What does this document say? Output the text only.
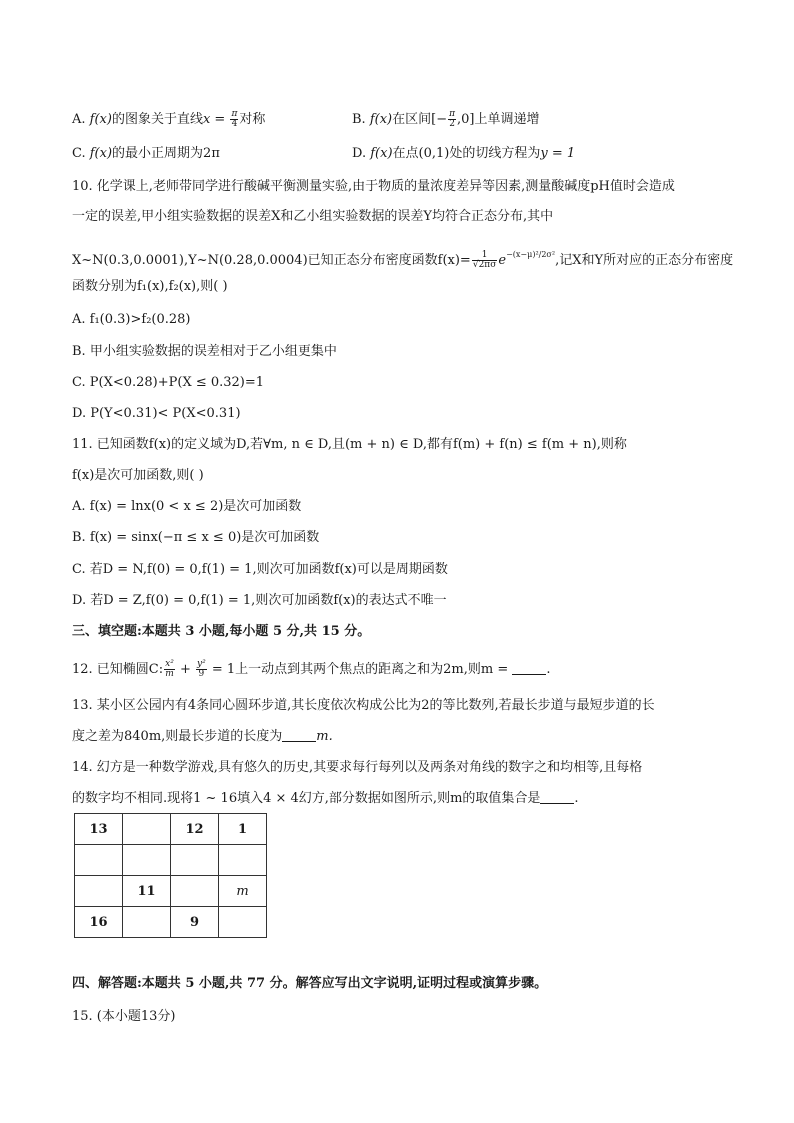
A. f(x)的图象关于直线$x = \frac{\pi}{4}$ 对称	B. f(x)在区间[− $\frac{\pi}{2} ,0$]上单调递增
C. f(x)的最小正周期为2π	D. f(x)在点(0,1)处的切线方程为y = 1
10. 化学课上,老师带同学进行酸碱平衡测量实验,由于物质的量浓度差异等因素,测量酸碱度pH值时会造成
一定的误差,甲小组实验数据的误差X和乙小组实验数据的误差Y均符合正态分布,其中
X~N(0.3,0.0001),Y~N(0.28,0.0004)已知正态分布密度函数$f(x)= \frac{1}{√2\pi\sigma} e^{-(x-\mu)^2/2\sigma^2}$,记X和Y所对应的正态分布密度
函数分别为f₁(x),f₂(x),则( )
A. f₁(0.3)>f₂(0.28)
B. 甲小组实验数据的误差相对于乙小组更集中
C. P(X<0.28)+P(X ≤ 0.32)=1
D. P(Y<0.31)< P(X<0.31)
11. 已知函数f(x)的定义域为D,若∀m, n ∈ D,且(m + n) ∈ D,都有f(m) + f(n) ≤ f(m + n),则称
f(x)是次可加函数,则( )
A. f(x) = lnx(0 < x ≤ 2)是次可加函数
B. f(x) = sinx(−π ≤ x ≤ 0)是次可加函数
C. 若D = N,f(0) = 0,f(1) = 1,则次可加函数f(x)可以是周期函数
D. 若D = Z,f(0) = 0,f(1) = 1,则次可加函数f(x)的表达式不唯一
三、填空题:本题共 3 小题,每小题 5 分,共 15 分。
12. 已知椭圆C: $\frac{\text{x²}}{m} + \frac{\text{y²}}{9} = 1$上一动点到其两个焦点的距离之和为2m,则m =	.
13. 某小区公园内有4条同心圆环步道,其长度依次构成公比为2的等比数列,若最长步道与最短步道的长
度之差为840m,则最长步道的长度为	m.
14. 幻方是一种数学游戏,具有悠久的历史,其要求每行每列以及两条对角线的数字之和均相等,且每格
的数字均不相同.现将1 ~ 16填入4 × 4幻方,部分数据如图所示,则m的取值集合是	.
13		12	1

	11		m
16		9	
四、解答题:本题共 5 小题,共 77 分。解答应写出文字说明,证明过程或演算步骤。
15. (本小题13分)
